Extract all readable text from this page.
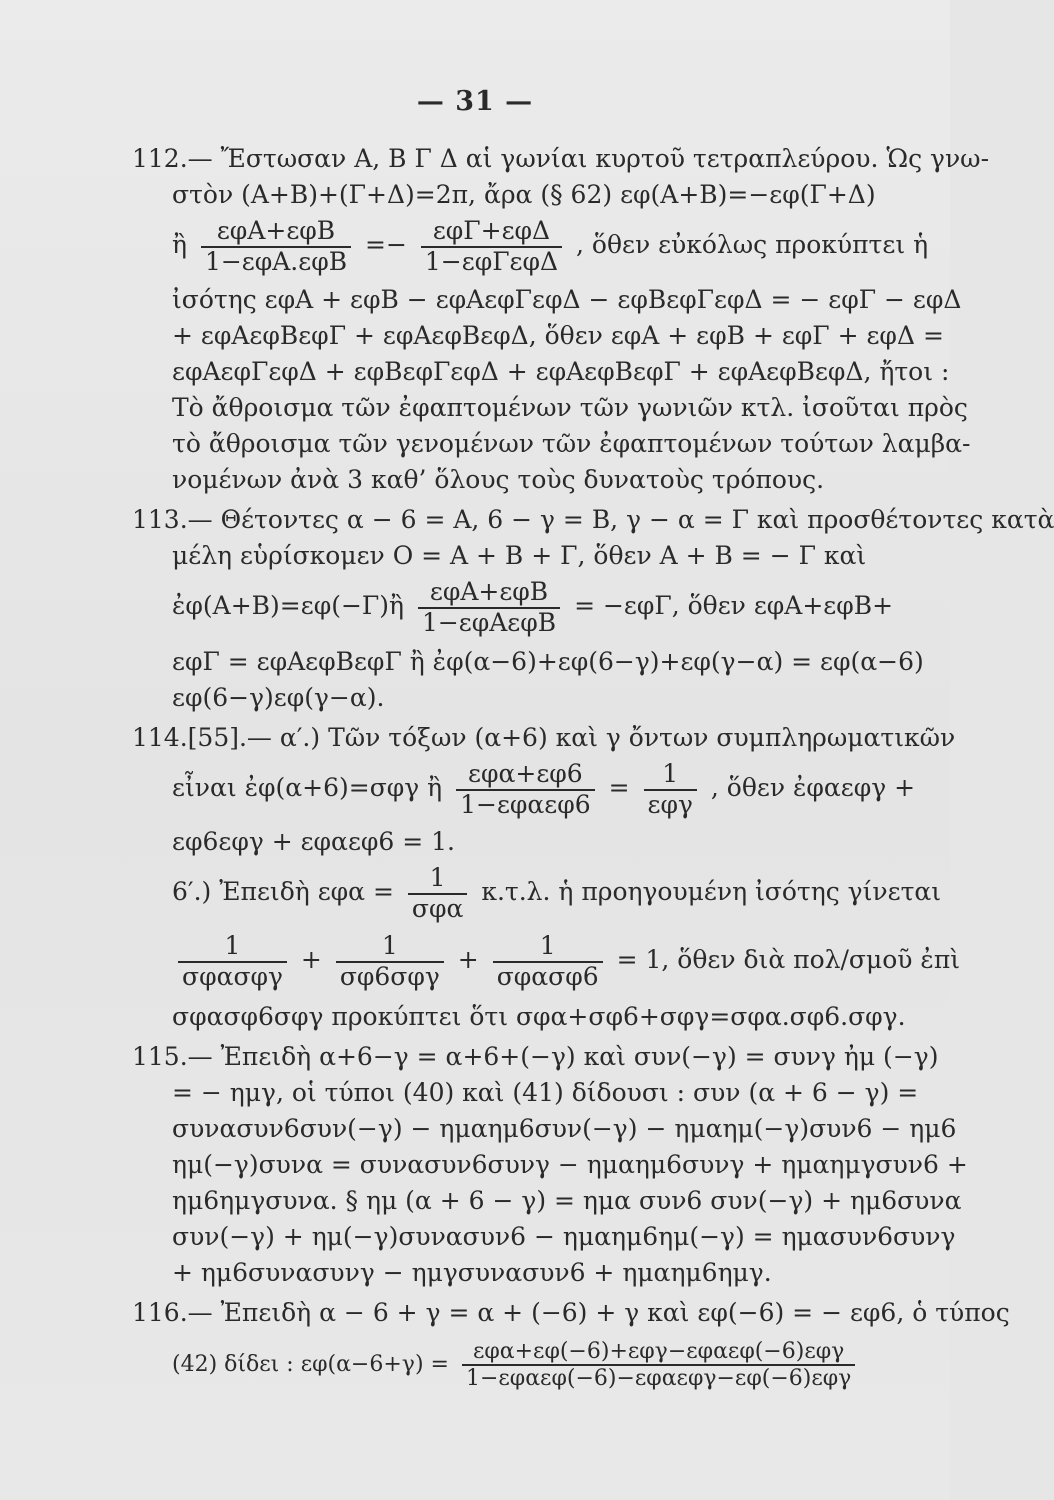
— 31 —
112.— Ἔστωσαν Α, Β Γ Δ αἱ γωνίαι κυρτοῦ τετραπλεύρου. Ὡς γνω-
στὸν (Α+Β)+(Γ+Δ)=2π, ἄρα (§ 62) εφ(Α+Β)=−εφ(Γ+Δ)
ἢ $\frac{\text{εφΑ+εφΒ}}{\text{1−εφΑ.εφΒ}} =- \frac{\text{εφΓ+εφΔ}}{\text{1−εφΓεφΔ}}$ , ὅθεν εὐκόλως προκύπτει ἡ
ἰσότης εφΑ + εφΒ − εφΑεφΓεφΔ − εφΒεφΓεφΔ = − εφΓ − εφΔ
+ εφΑεφΒεφΓ + εφΑεφΒεφΔ, ὅθεν εφΑ + εφΒ + εφΓ + εφΔ =
εφΑεφΓεφΔ + εφΒεφΓεφΔ + εφΑεφΒεφΓ + εφΑεφΒεφΔ, ἤτοι :
Τὸ ἄθροισμα τῶν ἐφαπτομένων τῶν γωνιῶν κτλ. ἰσοῦται πρὸς
τὸ ἄθροισμα τῶν γενομένων τῶν ἐφαπτομένων τούτων λαμβα-
νομένων ἀνὰ 3 καθ’ ὅλους τοὺς δυνατοὺς τρόπους.
113.— Θέτοντες α − 6 = Α, 6 − γ = Β, γ − α = Γ καὶ προσθέτοντες κατὰ
μέλη εὑρίσκομεν Ο = Α + Β + Γ, ὅθεν Α + Β = − Γ καὶ
ἐφ(Α+Β)=εφ(−Γ)ἢ $\frac{\text{εφΑ+εφΒ}}{\text{1−εφΑεφΒ}} = -\varepsilon\varphi\Gamma$, ὅθεν εφΑ+εφΒ+
εφΓ = εφΑεφΒεφΓ ἢ ἐφ(α−6)+εφ(6−γ)+εφ(γ−α) = εφ(α−6)
εφ(6−γ)εφ(γ−α).
114.[55].— α′.) Τῶν τόξων (α+6) καὶ γ ὄντων συμπληρωματικῶν
εἶναι ἐφ(α+6)=σφγ ἢ $\frac{\text{εφα+εφ6}}{\text{1−εφαεφ6}} = \frac{1}{\text{εφγ}}$ , ὅθεν ἐφαεφγ +
εφ6εφγ + εφαεφ6 = 1.
6′.) Ἐπειδὴ $\varepsilon\varphi\alpha = \frac{1}{\text{σφα}} \kappa.\tau.\lambda$. ἡ προηγουμένη ἰσότης γίνεται
$\frac{1}{\text{σφασφγ}} + \frac{1}{\text{σφ6σφγ}} + \frac{1}{\text{σφασφ6}} = 1$, ὅθεν διὰ πολ/σμοῦ ἐπὶ
σφασφ6σφγ προκύπτει ὅτι σφα+σφ6+σφγ=σφα.σφ6.σφγ.
115.— Ἐπειδὴ α+6−γ = α+6+(−γ) καὶ συν(−γ) = συνγ ἠμ (−γ)
= − ημγ, οἱ τύποι (40) καὶ (41) δίδουσι : συν (α + 6 − γ) =
συνασυν6συν(−γ) − ημαημ6συν(−γ) − ημαημ(−γ)συν6 − ημ6
ημ(−γ)συνα = συνασυν6συνγ − ημαημ6συνγ + ημαημγσυν6 +
ημ6ημγσυνα. § ημ (α + 6 − γ) = ημα συν6 συν(−γ) + ημ6συνα
συν(−γ) + ημ(−γ)συνασυν6 − ημαημ6ημ(−γ) = ημασυν6συνγ
+ ημ6συνασυνγ − ημγσυνασυν6 + ημαημ6ημγ.
116.— Ἐπειδὴ α − 6 + γ = α + (−6) + γ καὶ εφ(−6) = − εφ6, ὁ τύπος
(42) δίδει : $\varepsilon\varphi(\alpha-6+\gamma) = \frac{\text{εφα+εφ(−6)+εφγ−εφαεφ(−6)εφγ}}{\text{1−εφαεφ(−6)−εφαεφγ−εφ(−6)εφγ}}$
